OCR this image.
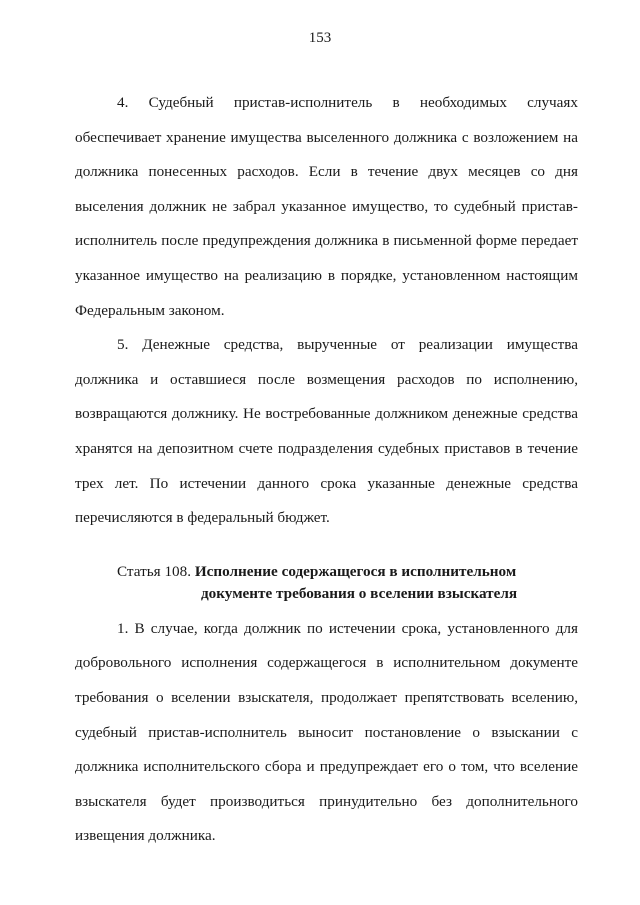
153

4. Судебный пристав-исполнитель в необходимых случаях обеспечивает хранение имущества выселенного должника с возложением на должника понесенных расходов. Если в течение двух месяцев со дня выселения должник не забрал указанное имущество, то судебный пристав-исполнитель после предупреждения должника в письменной форме передает указанное имущество на реализацию в порядке, установленном настоящим Федеральным законом.

5. Денежные средства, вырученные от реализации имущества должника и оставшиеся после возмещения расходов по исполнению, возвращаются должнику. Не востребованные должником денежные средства хранятся на депозитном счете подразделения судебных приставов в течение трех лет. По истечении данного срока указанные денежные средства перечисляются в федеральный бюджет.

Статья 108. Исполнение содержащегося в исполнительном
документе требования о вселении взыскателя

1. В случае, когда должник по истечении срока, установленного для добровольного исполнения содержащегося в исполнительном документе требования о вселении взыскателя, продолжает препятствовать вселению, судебный пристав-исполнитель выносит постановление о взыскании с должника исполнительского сбора и предупреждает его о том, что вселение взыскателя будет производиться принудительно без дополнительного извещения должника.
